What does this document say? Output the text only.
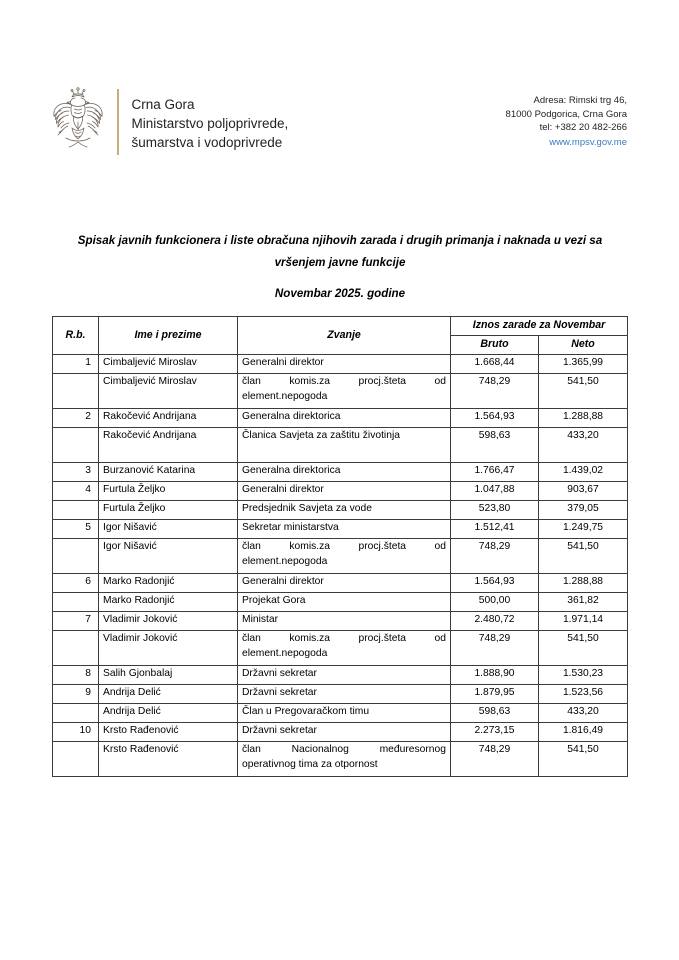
Crna Gora
Ministarstvo poljoprivrede,
šumarstva i vodoprivrede
Adresa: Rimski trg 46,
81000 Podgorica, Crna Gora
tel: +382 20 482-266
www.mpsv.gov.me
Spisak javnih funkcionera i liste obračuna njihovih zarada i drugih primanja i naknada u vezi sa vršenjem javne funkcije
Novembar 2025. godine
R.b.	Ime i prezime	Zvanje	Iznos zarade za Novembar	
			Bruto	Neto
1	Cimbaljević Miroslav	Generalni direktor	1.668,44	1.365,99
	Cimbaljević Miroslav	član komis.za procj.šteta od element.nepogoda	748,29	541,50
2	Rakočević Andrijana	Generalna direktorica	1.564,93	1.288,88
	Rakočević Andrijana	Članica Savjeta za zaštitu životinja	598,63	433,20
3	Burzanović Katarina	Generalna direktorica	1.766,47	1.439,02
4	Furtula Željko	Generalni direktor	1.047,88	903,67
	Furtula Željko	Predsjednik Savjeta za vode	523,80	379,05
5	Igor Nišavić	Sekretar ministarstva	1.512,41	1.249,75
	Igor Nišavić	član komis.za procj.šteta od element.nepogoda	748,29	541,50
6	Marko Radonjić	Generalni direktor	1.564,93	1.288,88
	Marko Radonjić	Projekat Gora	500,00	361,82
7	Vladimir Joković	Ministar	2.480,72	1.971,14
	Vladimir Joković	član komis.za procj.šteta od element.nepogoda	748,29	541,50
8	Salih Gjonbalaj	Državni sekretar	1.888,90	1.530,23
9	Andrija Delić	Državni sekretar	1.879,95	1.523,56
	Andrija Delić	Član u Pregovaračkom timu	598,63	433,20
10	Krsto Rađenović	Državni sekretar	2.273,15	1.816,49
	Krsto Rađenović	član Nacionalnog međuresornog operativnog tima za otpornost	748,29	541,50
